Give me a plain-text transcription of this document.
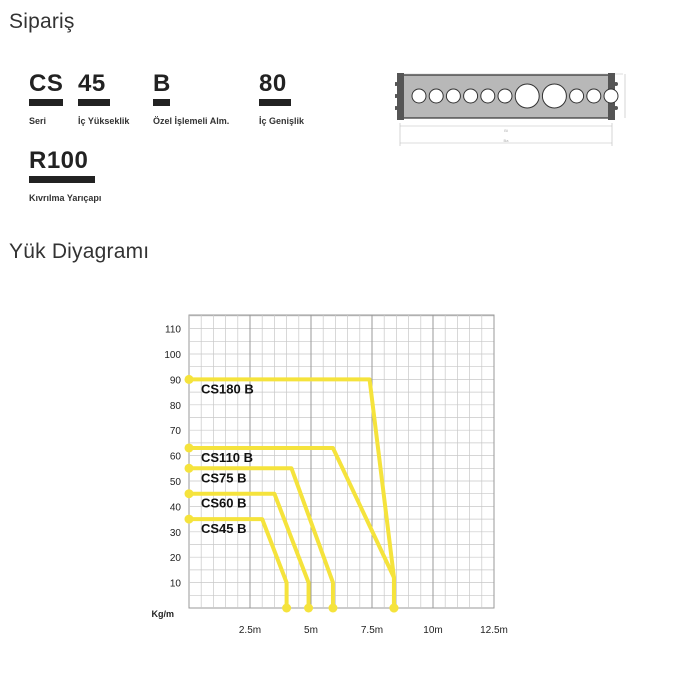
Sipariş
CS
Seri
45
İç Yükseklik
B
Özel İşlemeli Alm.
80
İç Genişlik
R100
Kıvrılma Yarıçapı
Bi
Ba
Yük Diyagramı
10
20
30
40
50
60
70
80
90
100
110
Kg/m
2.5m	5m	7.5m	10m	12.5m
CS180 B
CS110 B
CS75 B
CS60 B
CS45 B
